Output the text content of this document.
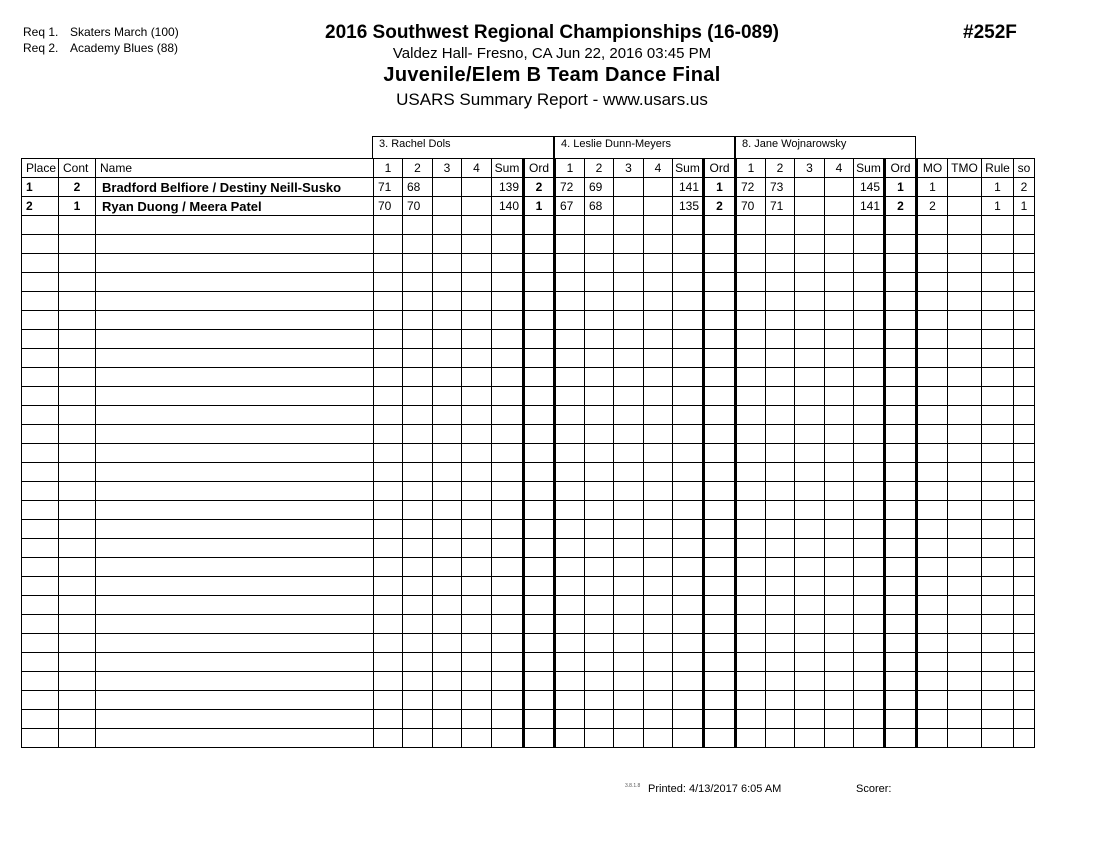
Req 1. Skaters March (100)
Req 2. Academy Blues (88)
2016 Southwest Regional Championships (16-089)
Valdez Hall- Fresno, CA Jun 22, 2016 03:45 PM
Juvenile/Elem B Team Dance Final
USARS Summary Report - www.usars.us
#252F
3. Rachel Dols	4. Leslie Dunn-Meyers	8. Jane Wojnarowsky
Place	Cont	Name	1	2	3	4	Sum	Ord	1	2	3	4	Sum	Ord	1	2	3	4	Sum	Ord	MO	TMO	Rule	so
1	2	Bradford Belfiore / Destiny Neill-Susko	71	68			139	2	72	69			141	1	72	73			145	1	1		1	2
2	1	Ryan Duong / Meera Patel	70	70			140	1	67	68			135	2	70	71			141	2	2		1	1

3.8.1.8 Printed: 4/13/2017 6:05 AM	Scorer:
